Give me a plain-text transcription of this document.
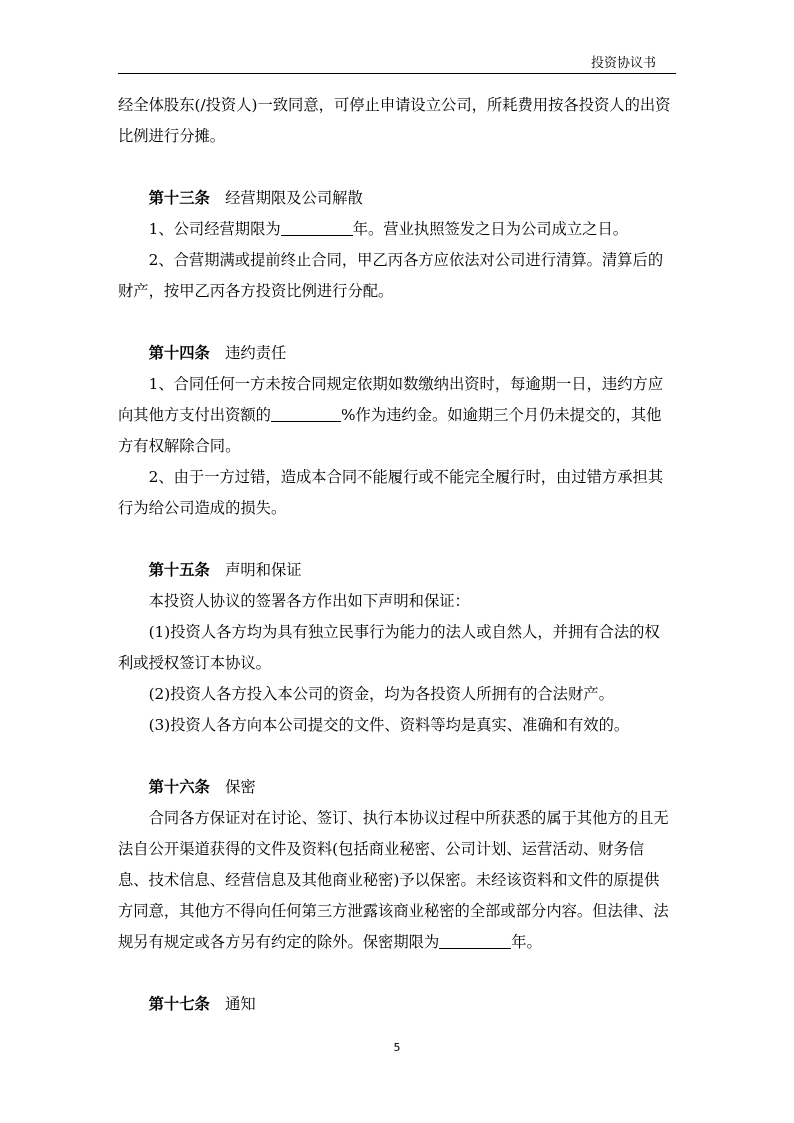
投资协议书

经全体股东(/投资人)一致同意，可停止申请设立公司，所耗费用按各投资人的出资比例进行分摊。

第十三条 经营期限及公司解散

1、公司经营期限为	年。营业执照签发之日为公司成立之日。

2、合营期满或提前终止合同，甲乙丙各方应依法对公司进行清算。清算后的财产，按甲乙丙各方投资比例进行分配。

第十四条 违约责任

1、合同任何一方未按合同规定依期如数缴纳出资时，每逾期一日，违约方应向其他方支付出资额的	%作为违约金。如逾期三个月仍未提交的，其他方有权解除合同。

2、由于一方过错，造成本合同不能履行或不能完全履行时，由过错方承担其行为给公司造成的损失。

第十五条 声明和保证

本投资人协议的签署各方作出如下声明和保证：

(1)投资人各方均为具有独立民事行为能力的法人或自然人，并拥有合法的权利或授权签订本协议。

(2)投资人各方投入本公司的资金，均为各投资人所拥有的合法财产。

(3)投资人各方向本公司提交的文件、资料等均是真实、准确和有效的。

第十六条 保密

合同各方保证对在讨论、签订、执行本协议过程中所获悉的属于其他方的且无法自公开渠道获得的文件及资料(包括商业秘密、公司计划、运营活动、财务信息、技术信息、经营信息及其他商业秘密)予以保密。未经该资料和文件的原提供方同意，其他方不得向任何第三方泄露该商业秘密的全部或部分内容。但法律、法规另有规定或各方另有约定的除外。保密期限为	年。

第十七条 通知

5
